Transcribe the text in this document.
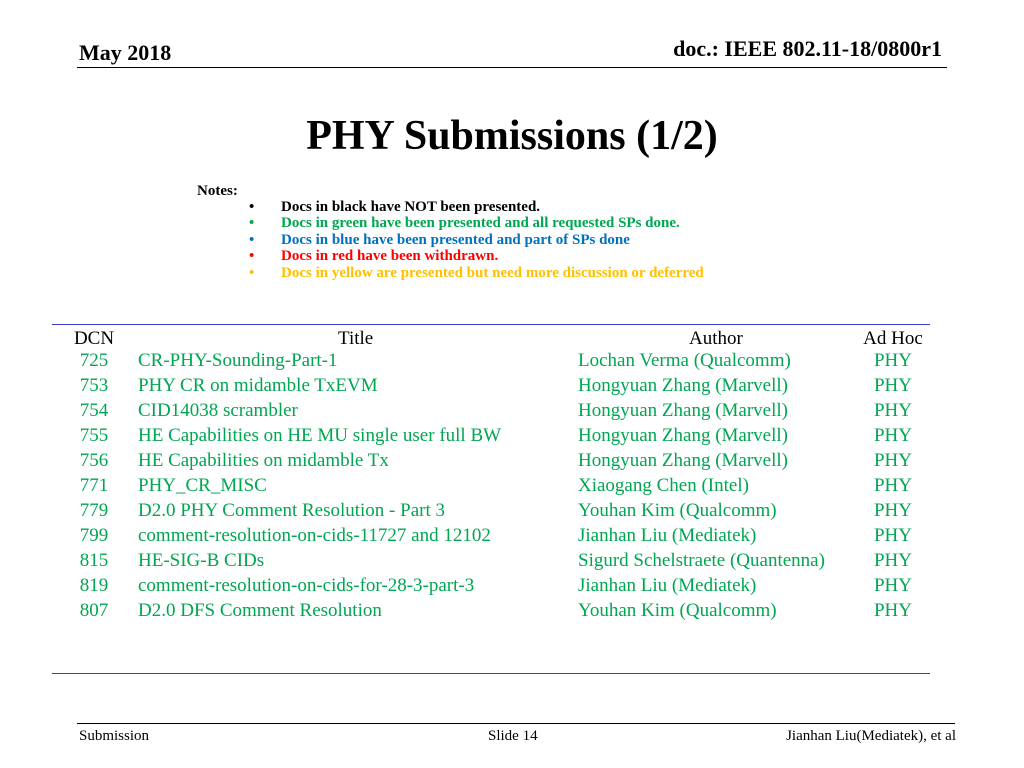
May 2018	doc.: IEEE 802.11-18/0800r1
PHY Submissions (1/2)
Notes:
• Docs in black have NOT been presented.
• Docs in green have been presented and all requested SPs done.
• Docs in blue have been presented and part of SPs done
• Docs in red have been withdrawn.
• Docs in yellow are presented but need more discussion or deferred
DCN	Title	Author	Ad Hoc
725	CR-PHY-Sounding-Part-1	Lochan Verma (Qualcomm)	PHY
753	PHY CR on midamble TxEVM	Hongyuan Zhang (Marvell)	PHY
754	CID14038 scrambler	Hongyuan Zhang (Marvell)	PHY
755	HE Capabilities on HE MU single user full BW	Hongyuan Zhang (Marvell)	PHY
756	HE Capabilities on midamble Tx	Hongyuan Zhang (Marvell)	PHY
771	PHY_CR_MISC	Xiaogang Chen (Intel)	PHY
779	D2.0 PHY Comment Resolution - Part 3	Youhan Kim (Qualcomm)	PHY
799	comment-resolution-on-cids-11727 and 12102	Jianhan Liu (Mediatek)	PHY
815	HE-SIG-B CIDs	Sigurd Schelstraete (Quantenna)	PHY
819	comment-resolution-on-cids-for-28-3-part-3	Jianhan Liu (Mediatek)	PHY
807	D2.0 DFS Comment Resolution	Youhan Kim (Qualcomm)	PHY
Submission	Slide 14	Jianhan Liu(Mediatek), et al
